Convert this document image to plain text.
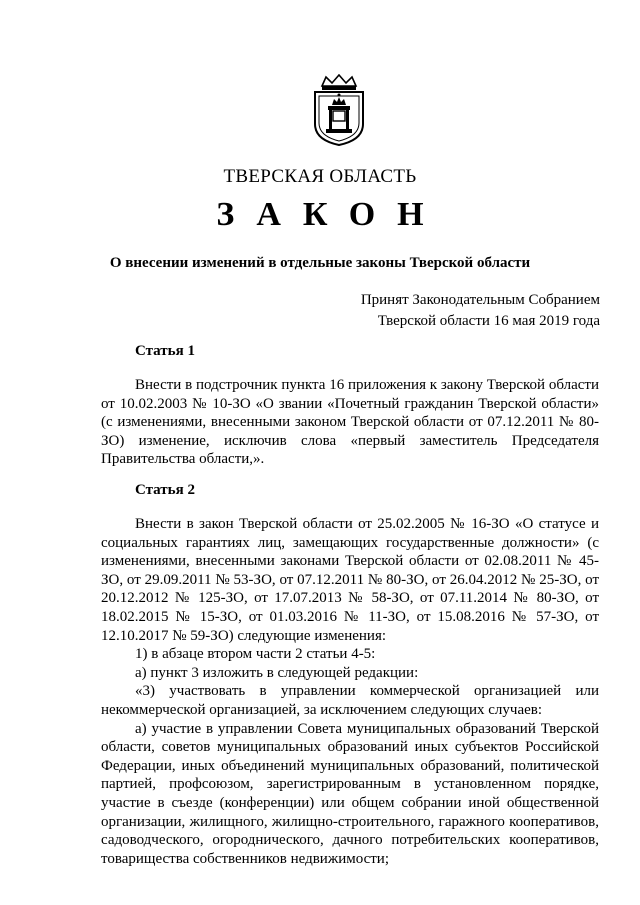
ТВЕРСКАЯ ОБЛАСТЬ
ЗАКОН
О внесении изменений в отдельные законы Тверской области
Принят Законодательным Собранием
Тверской области 16 мая 2019 года
Статья 1

Внести в подстрочник пункта 16 приложения к закону Тверской области от 10.02.2003 № 10-ЗО «О звании «Почетный гражданин Тверской области» (с изменениями, внесенными законом Тверской области от 07.12.2011 № 80-ЗО) изменение, исключив слова «первый заместитель Председателя Правительства области,».

Статья 2

Внести в закон Тверской области от 25.02.2005 № 16-ЗО «О статусе и социальных гарантиях лиц, замещающих государственные должности» (с изменениями, внесенными законами Тверской области от 02.08.2011 № 45-ЗО, от 29.09.2011 № 53-ЗО, от 07.12.2011 № 80-ЗО, от 26.04.2012 № 25-ЗО, от 20.12.2012 № 125-ЗО, от 17.07.2013 № 58-ЗО, от 07.11.2014 № 80-ЗО, от 18.02.2015 № 15-ЗО, от 01.03.2016 № 11-ЗО, от 15.08.2016 № 57-ЗО, от 12.10.2017 № 59-ЗО) следующие изменения:

1) в абзаце втором части 2 статьи 4-5:

а) пункт 3 изложить в следующей редакции:

«3) участвовать в управлении коммерческой организацией или некоммерческой организацией, за исключением следующих случаев:

а) участие в управлении Совета муниципальных образований Тверской области, советов муниципальных образований иных субъектов Российской Федерации, иных объединений муниципальных образований, политической партией, профсоюзом, зарегистрированным в установленном порядке, участие в съезде (конференции) или общем собрании иной общественной организации, жилищного, жилищно-строительного, гаражного кооперативов, садоводческого, огороднического, дачного потребительских кооперативов, товарищества собственников недвижимости;
